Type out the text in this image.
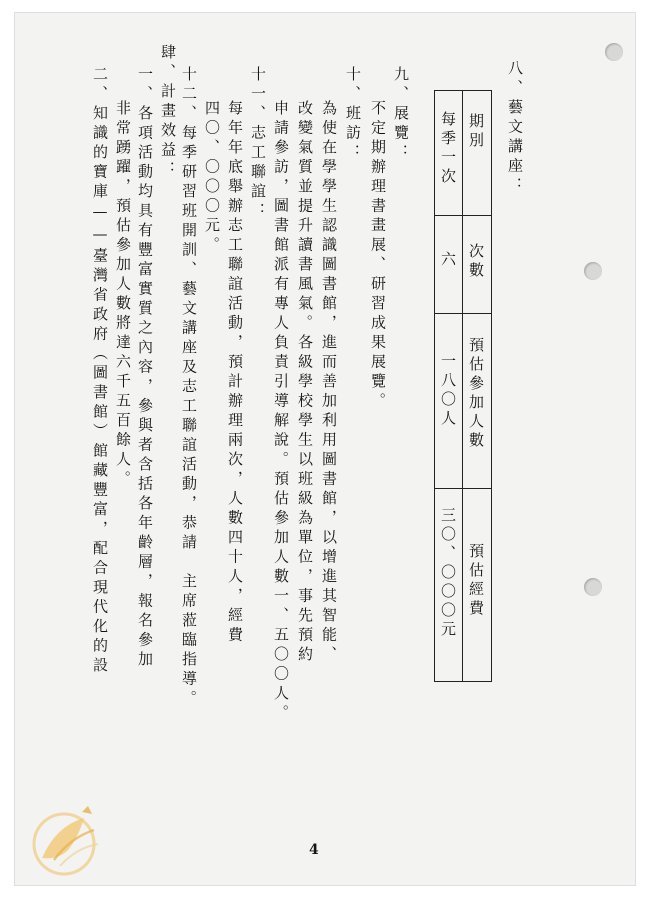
八、藝文講座：
期別
次數
預估參加人數
預估經費
每季一次
六
一八〇人
三〇、〇〇〇元
九、展覽：
不定期辦理書畫展、研習成果展覽。
十、班訪：
為使在學學生認識圖書館，進而善加利用圖書館，以增進其智能、
改變氣質並提升讀書風氣。各級學校學生以班級為單位，事先預約
申請參訪，圖書館派有專人負責引導解說。預估參加人數一、五〇〇人。
十一、志工聯誼：
每年年底舉辦志工聯誼活動，預計辦理兩次，人數四十人，經費
四〇、〇〇〇元。
十二、每季研習班開訓、藝文講座及志工聯誼活動，恭請　主席蒞臨指導。
肆、計畫效益：
一、各項活動均具有豐富實質之內容，參與者含括各年齡層，報名參加
非常踴躍，預估參加人數將達六千五百餘人。
二、知識的寶庫——臺灣省政府（圖書館）館藏豐富，配合現代化的設
4
